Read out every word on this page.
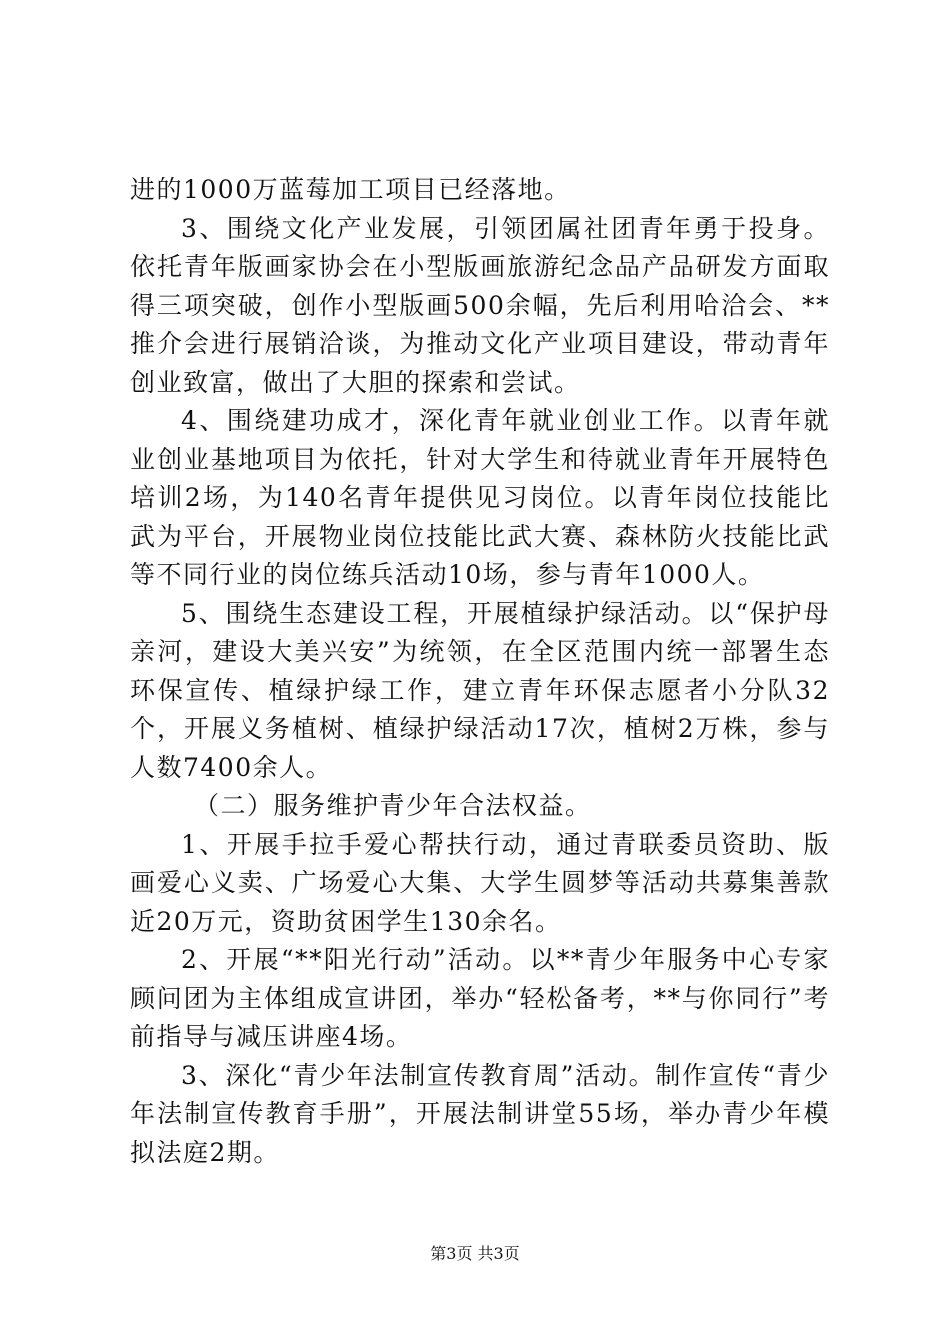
进的1000万蓝莓加工项目已经落地。

3、围绕文化产业发展，引领团属社团青年勇于投身。依托青年版画家协会在小型版画旅游纪念品产品研发方面取得三项突破，创作小型版画500余幅，先后利用哈洽会、**推介会进行展销洽谈，为推动文化产业项目建设，带动青年创业致富，做出了大胆的探索和尝试。

4、围绕建功成才，深化青年就业创业工作。以青年就业创业基地项目为依托，针对大学生和待就业青年开展特色培训2场，为140名青年提供见习岗位。以青年岗位技能比武为平台，开展物业岗位技能比武大赛、森林防火技能比武等不同行业的岗位练兵活动10场，参与青年1000人。

5、围绕生态建设工程，开展植绿护绿活动。以“保护母亲河，建设大美兴安”为统领，在全区范围内统一部署生态环保宣传、植绿护绿工作，建立青年环保志愿者小分队32个，开展义务植树、植绿护绿活动17次，植树2万株，参与人数7400余人。

（二）服务维护青少年合法权益。

1、开展手拉手爱心帮扶行动，通过青联委员资助、版画爱心义卖、广场爱心大集、大学生圆梦等活动共募集善款近20万元，资助贫困学生130余名。

2、开展“**阳光行动”活动。以**青少年服务中心专家顾问团为主体组成宣讲团，举办“轻松备考，**与你同行”考前指导与减压讲座4场。

3、深化“青少年法制宣传教育周”活动。制作宣传“青少年法制宣传教育手册”，开展法制讲堂55场，举办青少年模拟法庭2期。

第3页 共3页
